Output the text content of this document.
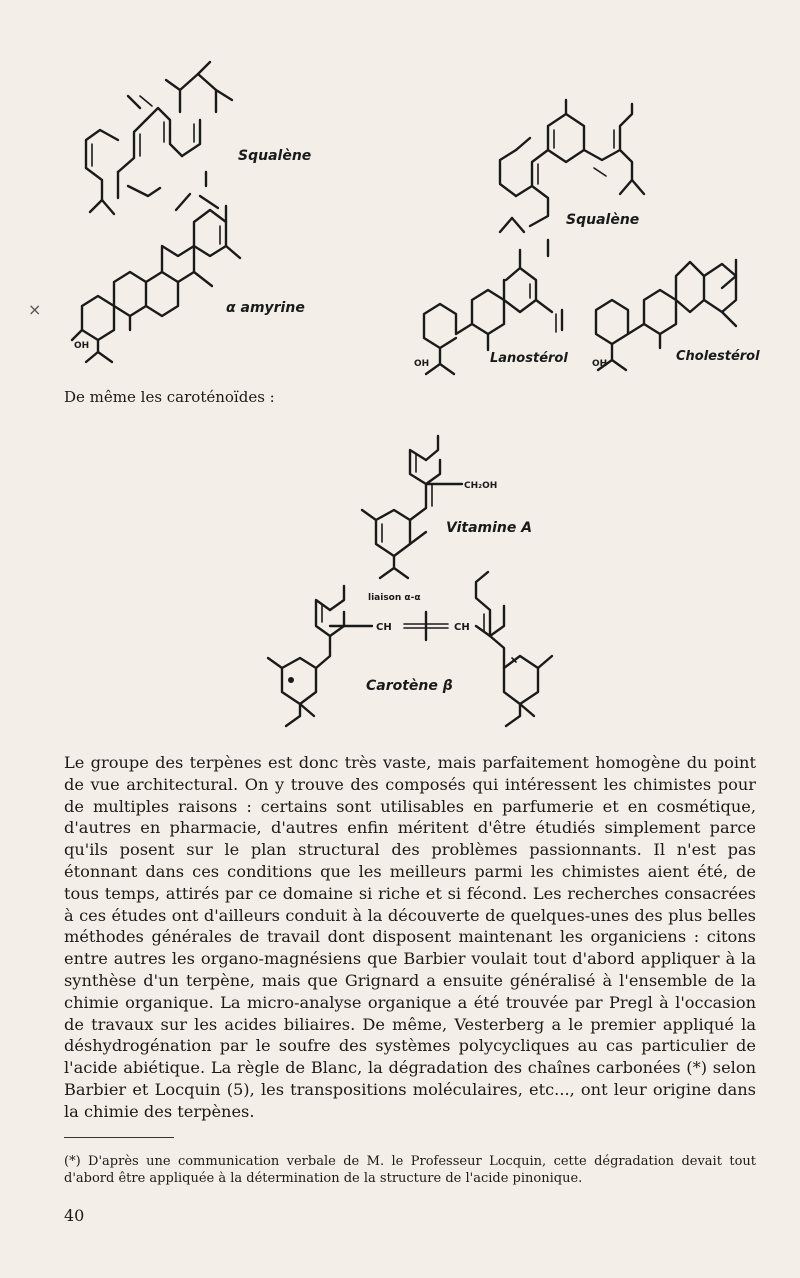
Squalène
OH
α amyrine
Squalène
OH	Lanostérol	OH	Cholestérol
CH₂OH
Vitamine A
liaison α-α
CH	CH
Carotène β
×
De même les caroténoïdes :

Le groupe des terpènes est donc très vaste, mais parfaitement homogène du point de vue architectural. On y trouve des composés qui intéressent les chimistes pour de multiples raisons : certains sont utilisables en parfumerie et en cosmétique, d'autres en pharmacie, d'autres enfin méritent d'être étudiés simplement parce qu'ils posent sur le plan structural des problèmes passionnants. Il n'est pas étonnant dans ces conditions que les meilleurs parmi les chimistes aient été, de tous temps, attirés par ce domaine si riche et si fécond. Les recherches consacrées à ces études ont d'ailleurs conduit à la découverte de quelques-unes des plus belles méthodes générales de travail dont disposent maintenant les organiciens : citons entre autres les organo-magnésiens que Barbier voulait tout d'abord appliquer à la synthèse d'un terpène, mais que Grignard a ensuite généralisé à l'ensemble de la chimie organique. La micro-analyse organique a été trouvée par Pregl à l'occasion de travaux sur les acides biliaires. De même, Vesterberg a le premier appliqué la déshydrogénation par le soufre des systèmes polycycliques au cas particulier de l'acide abiétique. La règle de Blanc, la dégradation des chaînes carbonées (*) selon Barbier et Locquin (5), les transpositions moléculaires, etc..., ont leur origine dans la chimie des terpènes.

(*) D'après une communication verbale de M. le Professeur Locquin, cette dégradation devait tout d'abord être appliquée à la détermination de la structure de l'acide pinonique.
40
